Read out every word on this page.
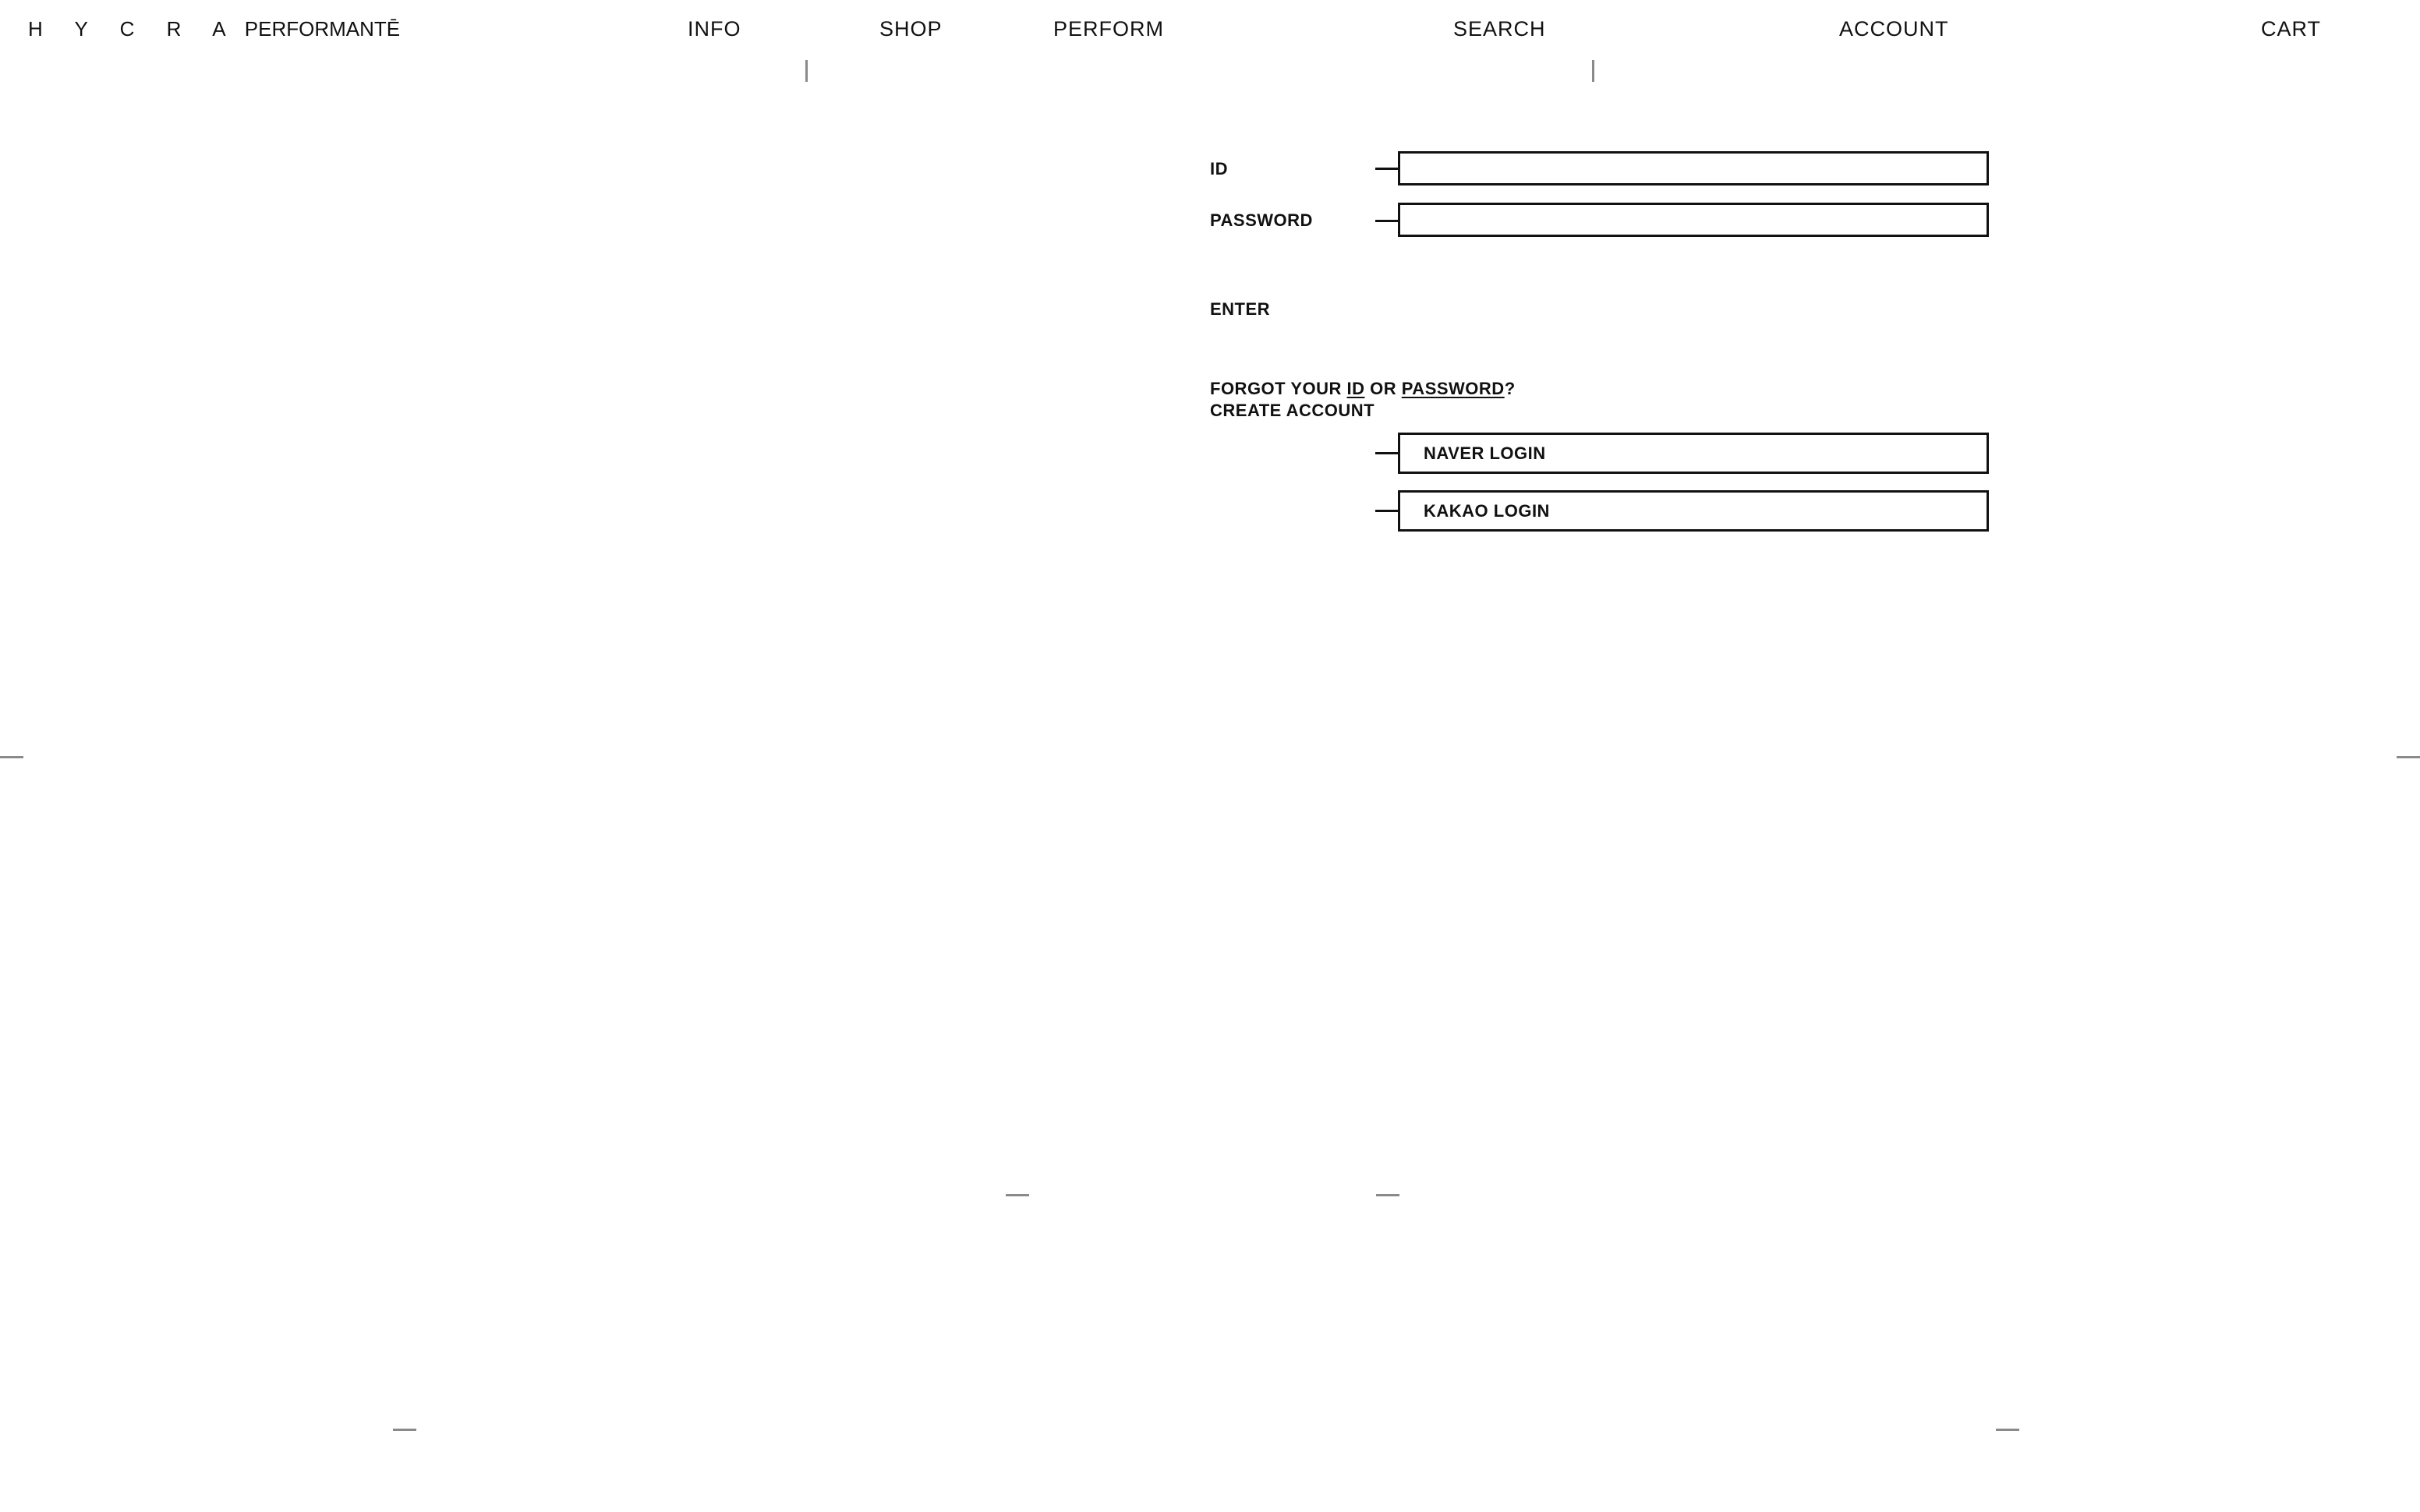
H Y C R A PERFORMANTĒ	INFO	SHOP	PERFORM	SEARCH	ACCOUNT	CART
ID
PASSWORD
ENTER
FORGOT YOUR ID OR PASSWORD?
CREATE ACCOUNT
NAVER LOGIN
KAKAO LOGIN
